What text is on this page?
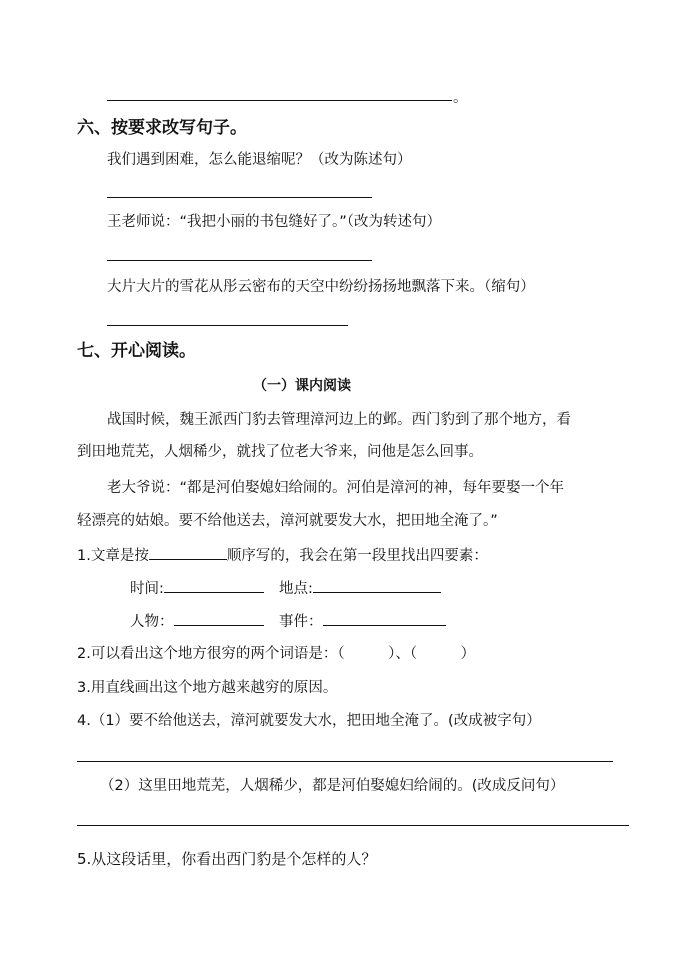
。
六、按要求改写句子。
我们遇到困难，怎么能退缩呢？（改为陈述句）
王老师说：“我把小丽的书包缝好了。”（改为转述句）
大片大片的雪花从彤云密布的天空中纷纷扬扬地飘落下来。（缩句）
七、开心阅读。
（一）课内阅读
战国时候，魏王派西门豹去管理漳河边上的邺。西门豹到了那个地方，看
到田地荒芜，人烟稀少，就找了位老大爷来，问他是怎么回事。
老大爷说：“都是河伯娶媳妇给闹的。河伯是漳河的神，每年要娶一个年
轻漂亮的姑娘。要不给他送去，漳河就要发大水，把田地全淹了。”
1.文章是按	顺序写的，我会在第一段里找出四要素：
时间:	地点:
人物：	事件：
2.可以看出这个地方很穷的两个词语是：（　　　）、（　　　）
3.用直线画出这个地方越来越穷的原因。
4.（1）要不给他送去，漳河就要发大水，把田地全淹了。(改成被字句）
（2）这里田地荒芜，人烟稀少，都是河伯娶媳妇给闹的。(改成反问句）
5.从这段话里，你看出西门豹是个怎样的人？
